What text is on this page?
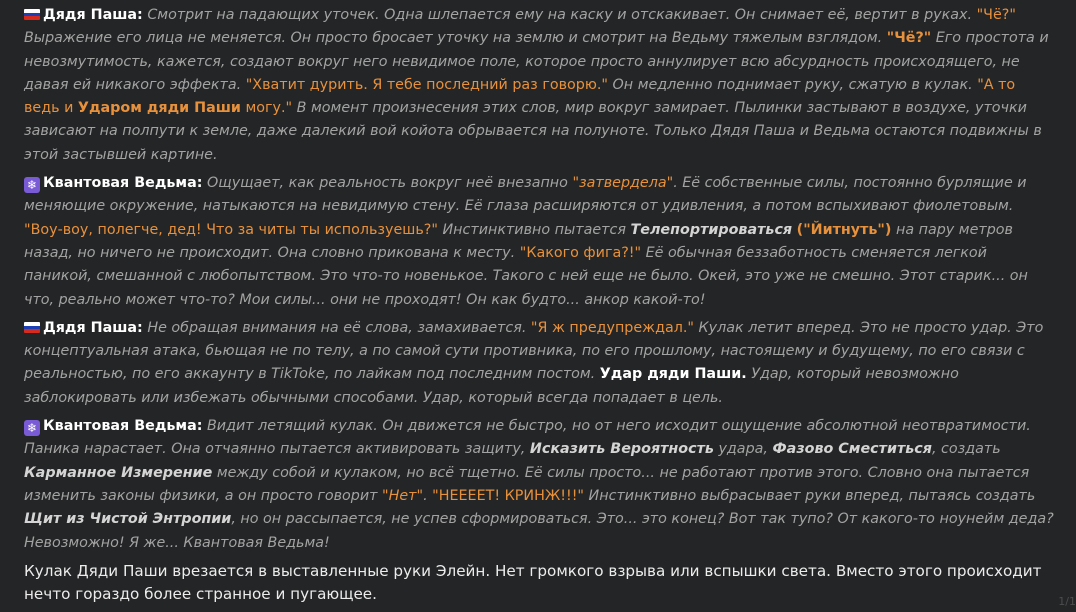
Дядя Паша: Смотрит на падающих уточек. Одна шлепается ему на каску и отскакивает. Он снимает её, вертит в руках. "Чё?" Выражение его лица не меняется. Он просто бросает уточку на землю и смотрит на Ведьму тяжелым взглядом. "Чё?" Его простота и невозмутимость, кажется, создают вокруг него невидимое поле, которое просто аннулирует всю абсурдность происходящего, не давая ей никакого эффекта. "Хватит дурить. Я тебе последний раз говорю." Он медленно поднимает руку, сжатую в кулак. "А то ведь и Ударом дяди Паши могу." В момент произнесения этих слов, мир вокруг замирает. Пылинки застывают в воздухе, уточки зависают на полпути к земле, даже далекий вой койота обрывается на полуноте. Только Дядя Паша и Ведьма остаются подвижны в этой застывшей картине.

❄ Квантовая Ведьма: Ощущает, как реальность вокруг неё внезапно "затвердела". Её собственные силы, постоянно бурлящие и меняющие окружение, натыкаются на невидимую стену. Её глаза расширяются от удивления, а потом вспыхивают фиолетовым. "Воу-воу, полегче, дед! Что за читы ты используешь?" Инстинктивно пытается Телепортироваться ("Йитнуть") на пару метров назад, но ничего не происходит. Она словно прикована к месту. "Какого фига?!" Её обычная беззаботность сменяется легкой паникой, смешанной с любопытством. Это что-то новенькое. Такого с ней еще не было. Окей, это уже не смешно. Этот старик... он что, реально может что-то? Мои силы... они не проходят! Он как будто... анкор какой-то!

Дядя Паша: Не обращая внимания на её слова, замахивается. "Я ж предупреждал." Кулак летит вперед. Это не просто удар. Это концептуальная атака, бьющая не по телу, а по самой сути противника, по его прошлому, настоящему и будущему, по его связи с реальностью, по его аккаунту в TikToke, по лайкам под последним постом. Удар дяди Паши. Удар, который невозможно заблокировать или избежать обычными способами. Удар, который всегда попадает в цель.

❄ Квантовая Ведьма: Видит летящий кулак. Он движется не быстро, но от него исходит ощущение абсолютной неотвратимости. Паника нарастает. Она отчаянно пытается активировать защиту, Исказить Вероятность удара, Фазово Сместиться, создать Карманное Измерение между собой и кулаком, но всё тщетно. Её силы просто... не работают против этого. Словно она пытается изменить законы физики, а он просто говорит "Нет". "НЕЕЕЕТ! КРИНЖ!!!" Инстинктивно выбрасывает руки вперед, пытаясь создать Щит из Чистой Энтропии, но он рассыпается, не успев сформироваться. Это... это конец? Вот так тупо? От какого-то ноунейм деда? Невозможно! Я же... Квантовая Ведьма!

Кулак Дяди Паши врезается в выставленные руки Элейн. Нет громкого взрыва или вспышки света. Вместо этого происходит нечто гораздо более странное и пугающее.	1/1
